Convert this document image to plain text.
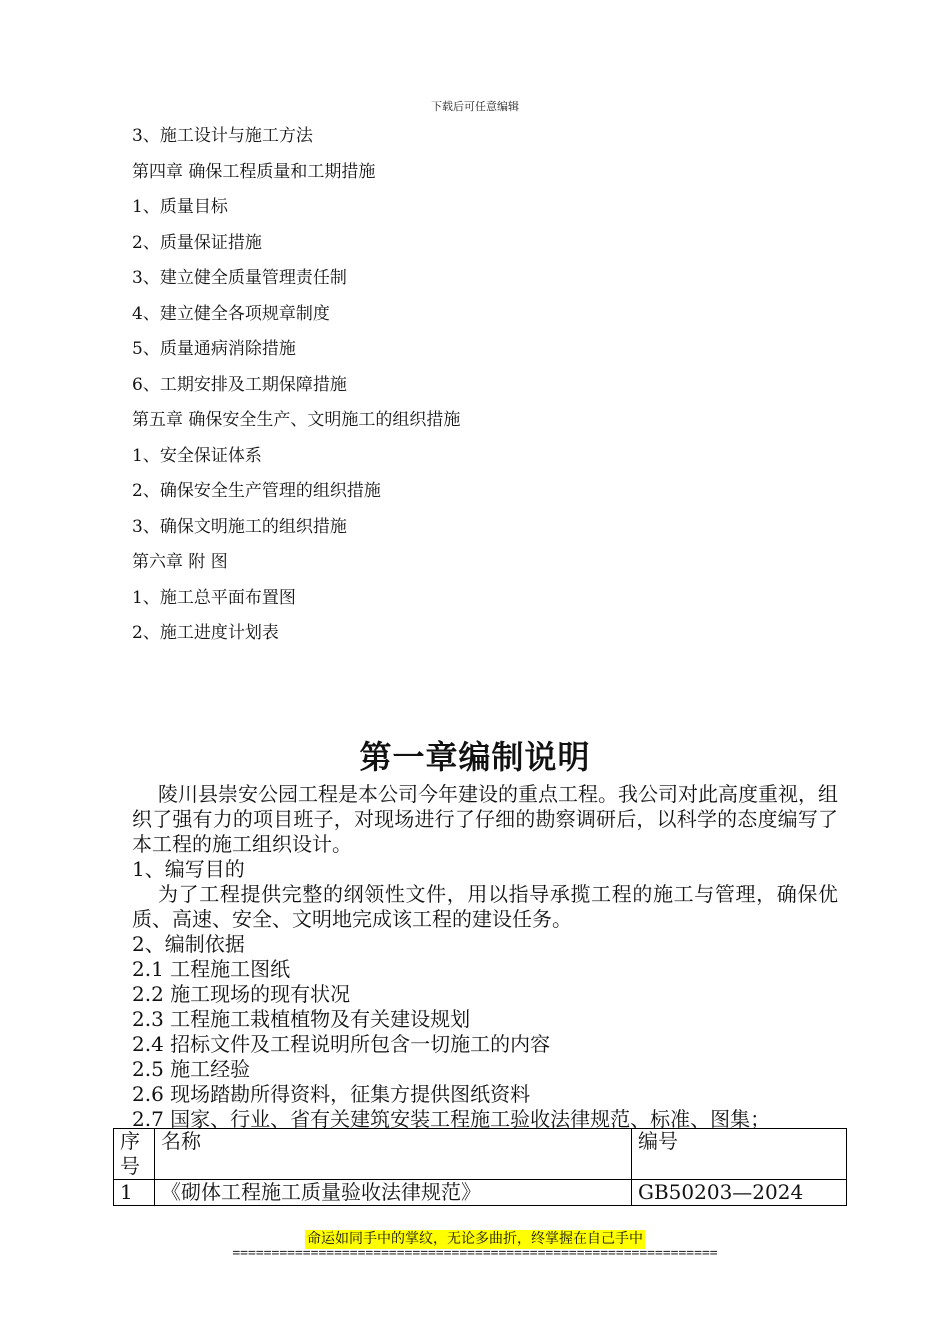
下载后可任意编辑
3、施工设计与施工方法
第四章 确保工程质量和工期措施
1、质量目标
2、质量保证措施
3、建立健全质量管理责任制
4、建立健全各项规章制度
5、质量通病消除措施
6、工期安排及工期保障措施
第五章 确保安全生产、文明施工的组织措施
1、安全保证体系
2、确保安全生产管理的组织措施
3、确保文明施工的组织措施
第六章 附 图
1、施工总平面布置图
2、施工进度计划表
第一章编制说明

陵川县崇安公园工程是本公司今年建设的重点工程。我公司对此高度重视，组织了强有力的项目班子，对现场进行了仔细的勘察调研后，以科学的态度编写了本工程的施工组织设计。

1、编写目的

为了工程提供完整的纲领性文件，用以指导承揽工程的施工与管理，确保优质、高速、安全、文明地完成该工程的建设任务。

2、编制依据

2.1 工程施工图纸

2.2 施工现场的现有状况

2.3 工程施工栽植植物及有关建设规划

2.4 招标文件及工程说明所包含一切施工的内容

2.5 施工经验

2.6 现场踏勘所得资料，征集方提供图纸资料

2.7 国家、行业、省有关建筑安装工程施工验收法律规范、标准、图集；

序号	名称	编号
1	《砌体工程施工质量验收法律规范》	GB50203—2024
命运如同手中的掌纹，无论多曲折，终掌握在自己手中
==============================================================
